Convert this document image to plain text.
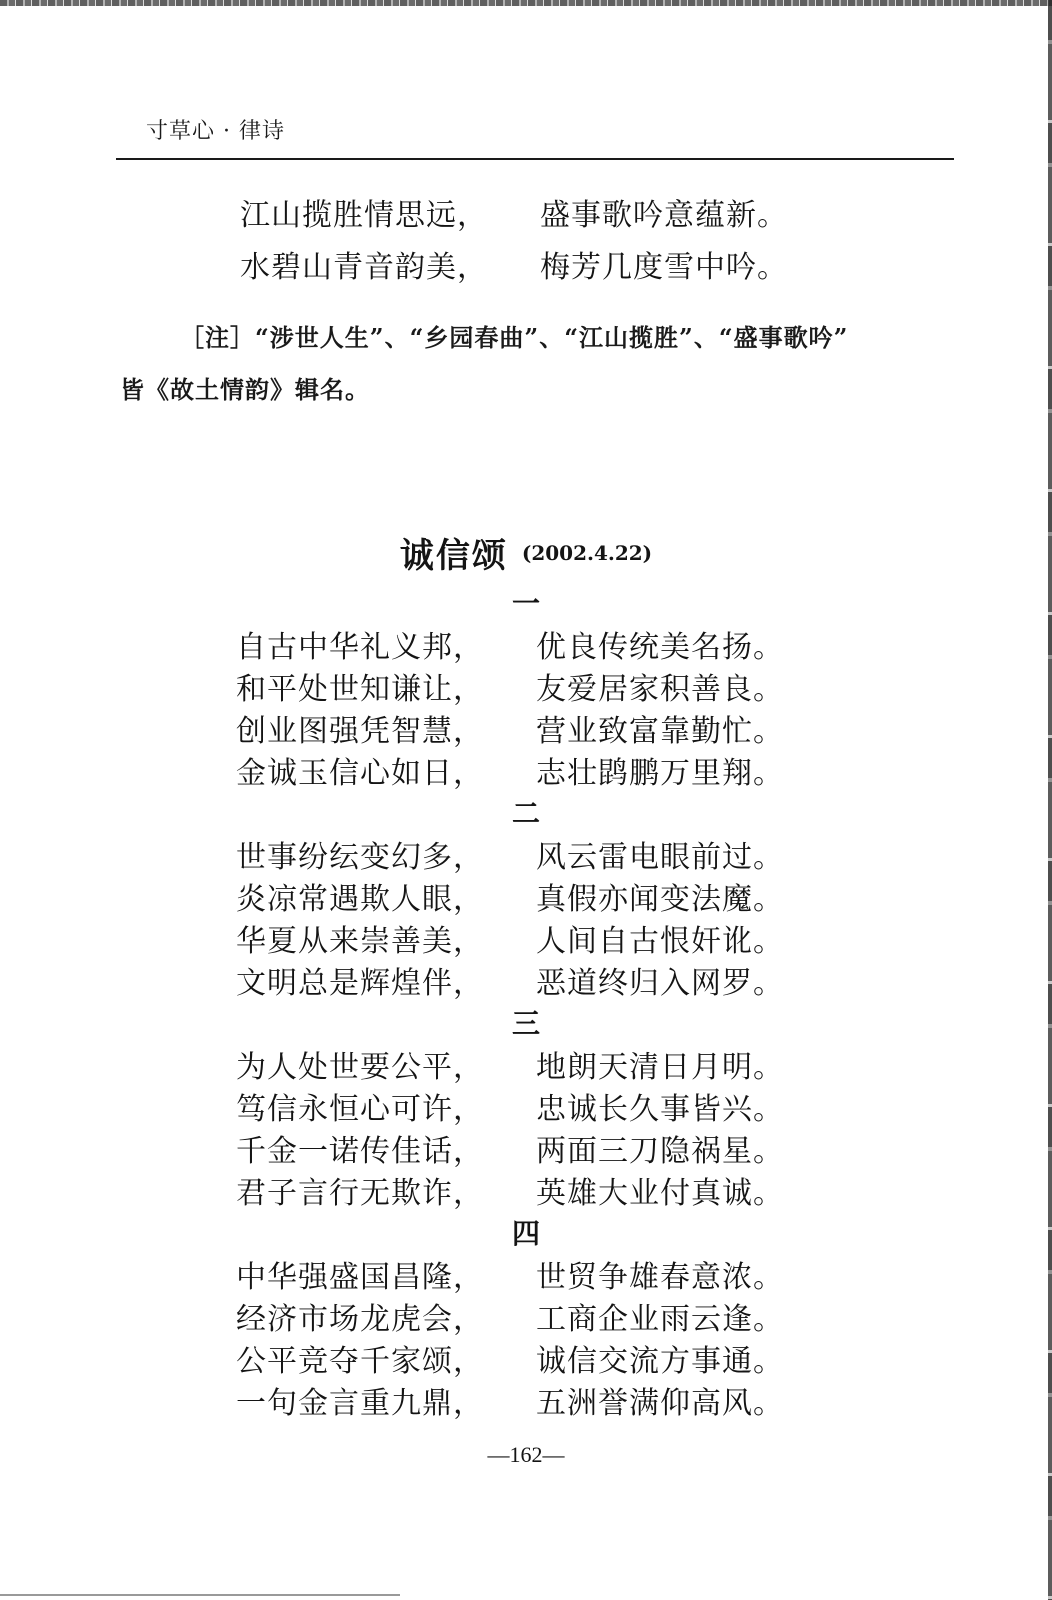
寸草心 · 律诗
江山揽胜情思远， 盛事歌吟意蕴新。
水碧山青音韵美， 梅芳几度雪中吟。
［注］“涉世人生”、“乡园春曲”、“江山揽胜”、“盛事歌吟”
皆《故土情韵》辑名。
诚信颂 (2002.4.22)
一
自古中华礼义邦， 优良传统美名扬。
和平处世知谦让， 友爱居家积善良。
创业图强凭智慧， 营业致富靠勤忙。
金诚玉信心如日， 志壮鹍鹏万里翔。
二
世事纷纭变幻多， 风云雷电眼前过。
炎凉常遇欺人眼， 真假亦闻变法魔。
华夏从来崇善美， 人间自古恨奸讹。
文明总是辉煌伴， 恶道终归入网罗。
三
为人处世要公平， 地朗天清日月明。
笃信永恒心可许， 忠诚长久事皆兴。
千金一诺传佳话， 两面三刀隐祸星。
君子言行无欺诈， 英雄大业付真诚。
四
中华强盛国昌隆， 世贸争雄春意浓。
经济市场龙虎会， 工商企业雨云逢。
公平竞夺千家颂， 诚信交流方事通。
一句金言重九鼎， 五洲誉满仰高风。
—162—
